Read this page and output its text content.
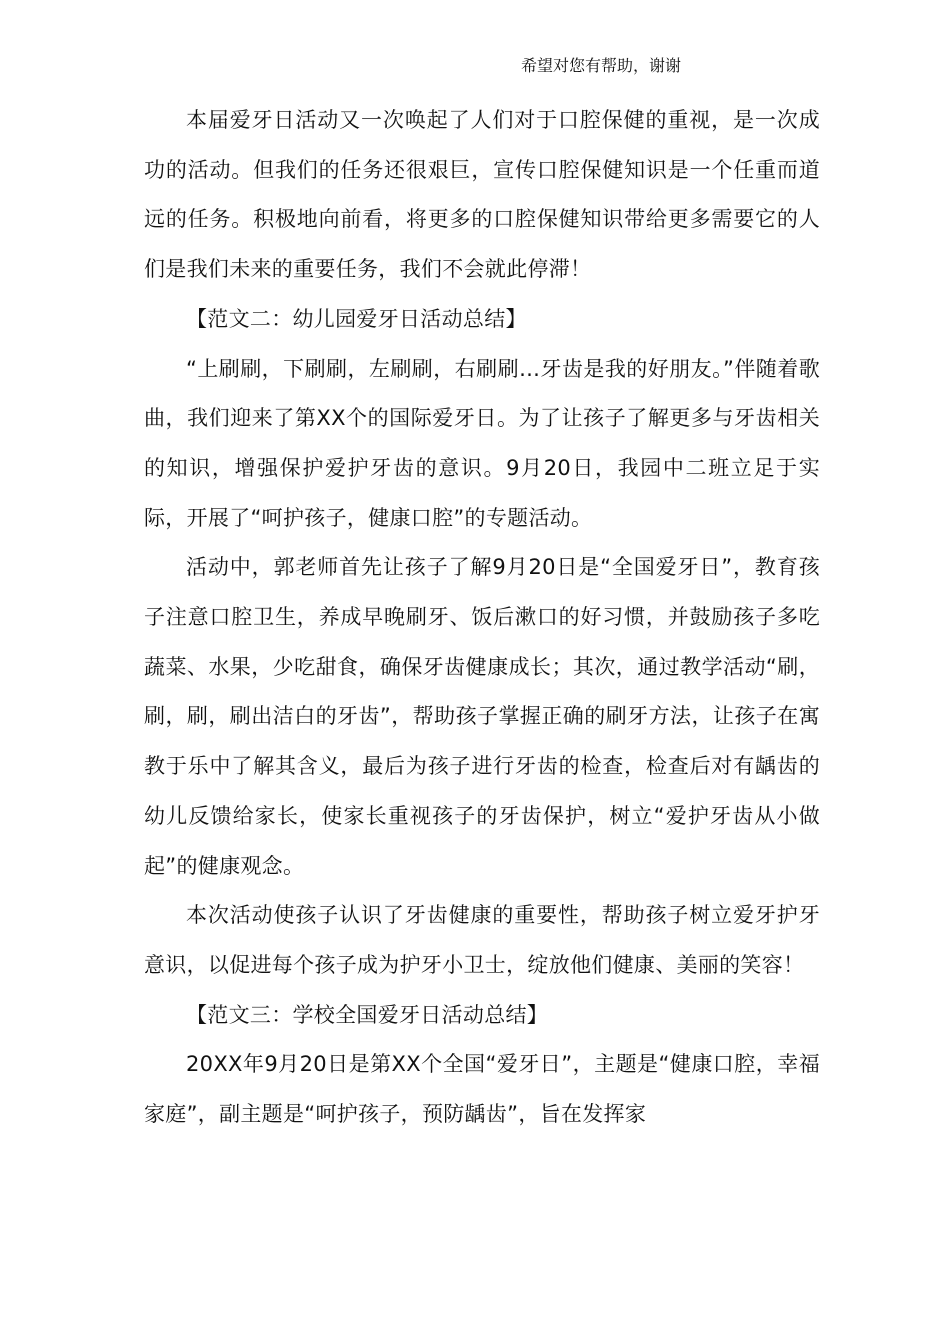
希望对您有帮助，谢谢

本届爱牙日活动又一次唤起了人们对于口腔保健的重视，是一次成功的活动。但我们的任务还很艰巨，宣传口腔保健知识是一个任重而道远的任务。积极地向前看，将更多的口腔保健知识带给更多需要它的人们是我们未来的重要任务，我们不会就此停滞！

【范文二：幼儿园爱牙日活动总结】

“上刷刷，下刷刷，左刷刷，右刷刷…牙齿是我的好朋友。”伴随着歌曲，我们迎来了第XX个的国际爱牙日。为了让孩子了解更多与牙齿相关的知识，增强保护爱护牙齿的意识。9月20日，我园中二班立足于实际，开展了“呵护孩子，健康口腔”的专题活动。

活动中，郭老师首先让孩子了解9月20日是“全国爱牙日”，教育孩子注意口腔卫生，养成早晚刷牙、饭后漱口的好习惯，并鼓励孩子多吃蔬菜、水果，少吃甜食，确保牙齿健康成长；其次，通过教学活动“刷，刷，刷，刷出洁白的牙齿”，帮助孩子掌握正确的刷牙方法，让孩子在寓教于乐中了解其含义，最后为孩子进行牙齿的检查，检查后对有龋齿的幼儿反馈给家长，使家长重视孩子的牙齿保护，树立“爱护牙齿从小做起”的健康观念。

本次活动使孩子认识了牙齿健康的重要性，帮助孩子树立爱牙护牙意识，以促进每个孩子成为护牙小卫士，绽放他们健康、美丽的笑容！

【范文三：学校全国爱牙日活动总结】

20XX年9月20日是第XX个全国“爱牙日”，主题是“健康口腔，幸福家庭”，副主题是“呵护孩子，预防龋齿”，旨在发挥家
